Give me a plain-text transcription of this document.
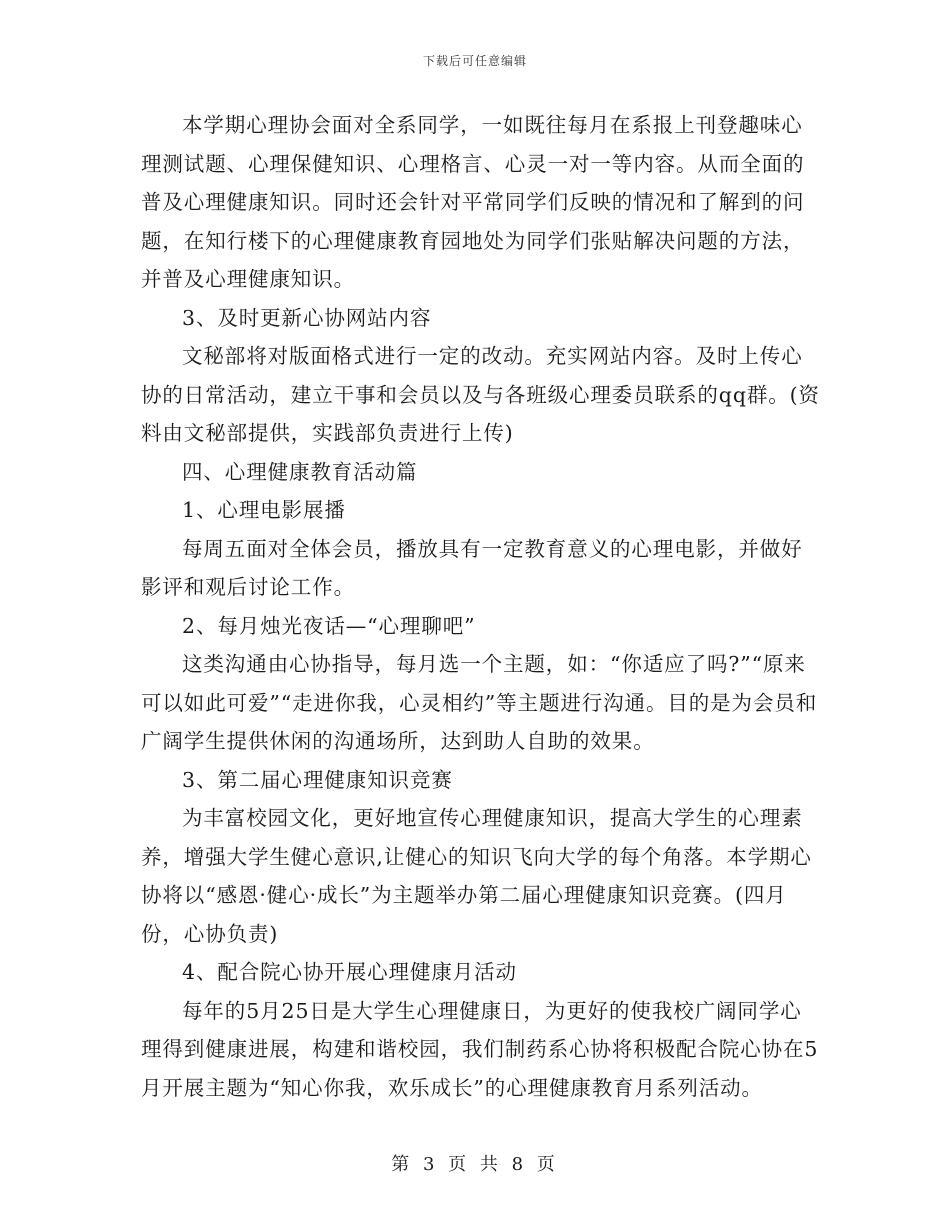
下载后可任意编辑

本学期心理协会面对全系同学，一如既往每月在系报上刊登趣味心理测试题、心理保健知识、心理格言、心灵一对一等内容。从而全面的普及心理健康知识。同时还会针对平常同学们反映的情况和了解到的问题，在知行楼下的心理健康教育园地处为同学们张贴解决问题的方法，并普及心理健康知识。

3、及时更新心协网站内容

文秘部将对版面格式进行一定的改动。充实网站内容。及时上传心协的日常活动，建立干事和会员以及与各班级心理委员联系的qq群。(资料由文秘部提供，实践部负责进行上传)

四、心理健康教育活动篇

1、心理电影展播

每周五面对全体会员，播放具有一定教育意义的心理电影，并做好影评和观后讨论工作。

2、每月烛光夜话—“心理聊吧”

这类沟通由心协指导，每月选一个主题，如：“你适应了吗?”“原来可以如此可爱”“走进你我，心灵相约”等主题进行沟通。目的是为会员和广阔学生提供休闲的沟通场所，达到助人自助的效果。

3、第二届心理健康知识竞赛

为丰富校园文化，更好地宣传心理健康知识，提高大学生的心理素养，增强大学生健心意识,让健心的知识飞向大学的每个角落。本学期心协将以“感恩·健心·成长”为主题举办第二届心理健康知识竞赛。(四月份，心协负责)

4、配合院心协开展心理健康月活动

每年的5月25日是大学生心理健康日，为更好的使我校广阔同学心理得到健康进展，构建和谐校园，我们制药系心协将积极配合院心协在5月开展主题为“知心你我，欢乐成长”的心理健康教育月系列活动。

第 3 页 共 8 页
